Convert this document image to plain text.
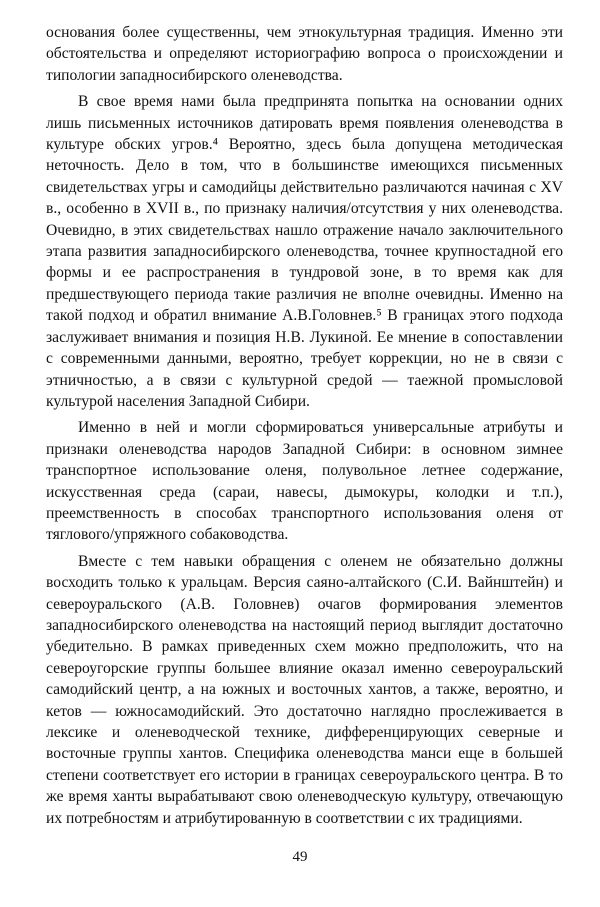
основания более существенны, чем этнокультурная традиция. Именно эти обстоятельства и определяют историографию вопроса о происхождении и типологии западносибирского оленеводства.

В свое время нами была предпринята попытка на основании одних лишь письменных источников датировать время появления оленеводства в культуре обских угров.⁴ Вероятно, здесь была допущена методическая неточность. Дело в том, что в большинстве имеющихся письменных свидетельствах угры и самодийцы действительно различаются начиная с XV в., особенно в XVII в., по признаку наличия/отсутствия у них оленеводства. Очевидно, в этих свидетельствах нашло отражение начало заключительного этапа развития западносибирского оленеводства, точнее крупностадной его формы и ее распространения в тундровой зоне, в то время как для предшествующего периода такие различия не вполне очевидны. Именно на такой подход и обратил внимание А.В.Головнев.⁵ В границах этого подхода заслуживает внимания и позиция Н.В. Лукиной. Ее мнение в сопоставлении с современными данными, вероятно, требует коррекции, но не в связи с этничностью, а в связи с культурной средой — таежной промысловой культурой населения Западной Сибири.

Именно в ней и могли сформироваться универсальные атрибуты и признаки оленеводства народов Западной Сибири: в основном зимнее транспортное использование оленя, полувольное летнее содержание, искусственная среда (сараи, навесы, дымокуры, колодки и т.п.), преемственность в способах транспортного использования оленя от тяглового/упряжного собаководства.

Вместе с тем навыки обращения с оленем не обязательно должны восходить только к уральцам. Версия саяно-алтайского (С.И. Вайнштейн) и североуральского (А.В. Головнев) очагов формирования элементов западносибирского оленеводства на настоящий период выглядит достаточно убедительно. В рамках приведенных схем можно предположить, что на североугорские группы большее влияние оказал именно североуральский самодийский центр, а на южных и восточных хантов, а также, вероятно, и кетов — южносамодийский. Это достаточно наглядно прослеживается в лексике и оленеводческой технике, дифференцирующих северные и восточные группы хантов. Специфика оленеводства манси еще в большей степени соответствует его истории в границах североуральского центра. В то же время ханты вырабатывают свою оленеводческую культуру, отвечающую их потребностям и атрибутированную в соответствии с их традициями.

49
